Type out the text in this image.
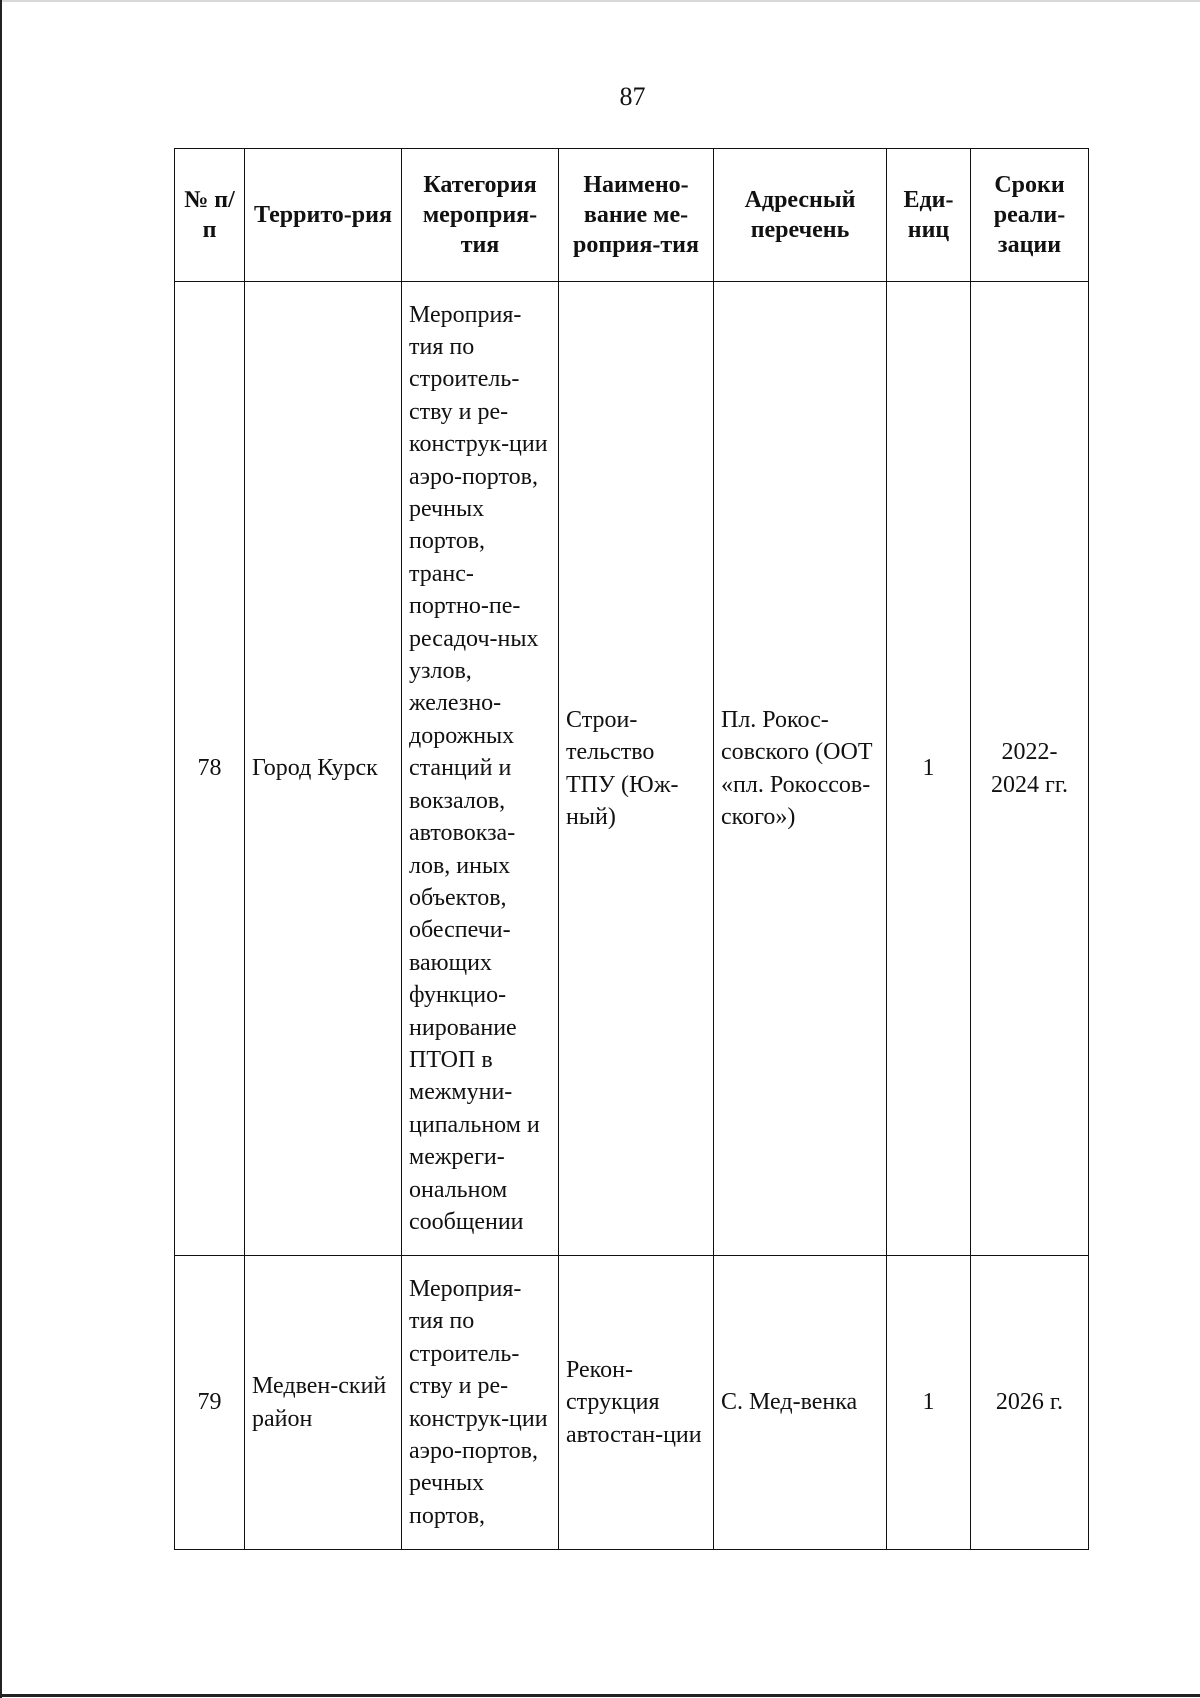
87
№ п/п	Террито-рия	Категория мероприя-тия	Наимено-вание ме-роприя-тия	Адресный перечень	Еди-ниц	Сроки реали-зации
78	Город Курск	Мероприя-тия по строитель-ству и ре-конструк-ции аэро-портов, речных портов, транс-портно-пе-ресадоч-ных узлов, железно-дорожных станций и вокзалов, автовокза-лов, иных объектов, обеспечи-вающих функцио-нирование ПТОП в межмуни-ципальном и межреги-ональном сообщении	Строи-тельство ТПУ (Юж-ный)	Пл. Рокос-совского (ООТ «пл. Рокоссов-ского»)	1	2022-2024 гг.
79	Медвен-ский район	Мероприя-тия по строитель-ству и ре-конструк-ции аэро-портов, речных портов,	Рекон-струкция автостан-ции	С. Мед-венка	1	2026 г.
